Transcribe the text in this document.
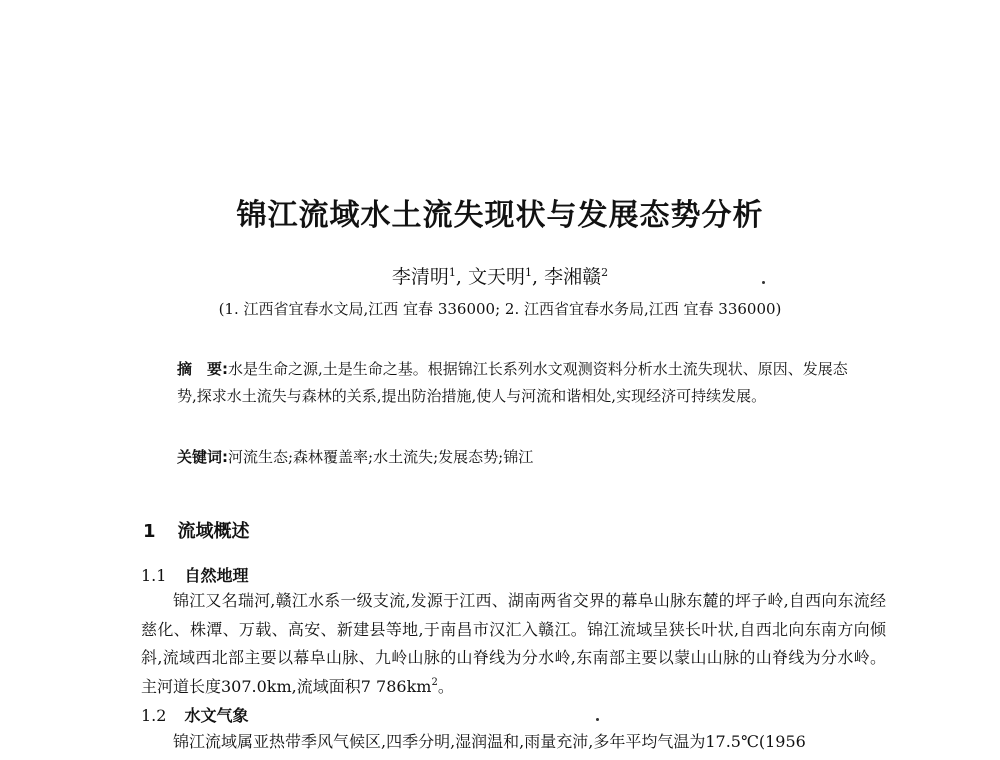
锦江流域水土流失现状与发展态势分析
李清明$^1$, 文天明$^1$, 李湘赣$^2$
(1. 江西省宜春水文局,江西 宜春 336000; 2. 江西省宜春水务局,江西 宜春 336000)
摘　要:水是生命之源,土是生命之基。根据锦江长系列水文观测资料分析水土流失现状、原因、发展态势,探求水土流失与森林的关系,提出防治措施,使人与河流和谐相处,实现经济可持续发展。
关键词:河流生态;森林覆盖率;水土流失;发展态势;锦江
1 流域概述
1.1 自然地理
锦江又名瑞河,赣江水系一级支流,发源于江西、湖南两省交界的幕阜山脉东麓的坪子岭,自西向东流经慈化、株潭、万载、高安、新建县等地,于南昌市汉汇入赣江。锦江流域呈狭长叶状,自西北向东南方向倾斜,流域西北部主要以幕阜山脉、九岭山脉的山脊线为分水岭,东南部主要以蒙山山脉的山脊线为分水岭。主河道长度307.0km,流域面积7 $786km^2$。
1.2 水文气象
锦江流域属亚热带季风气候区,四季分明,湿润温和,雨量充沛,多年平均气温为17.5℃(1956
